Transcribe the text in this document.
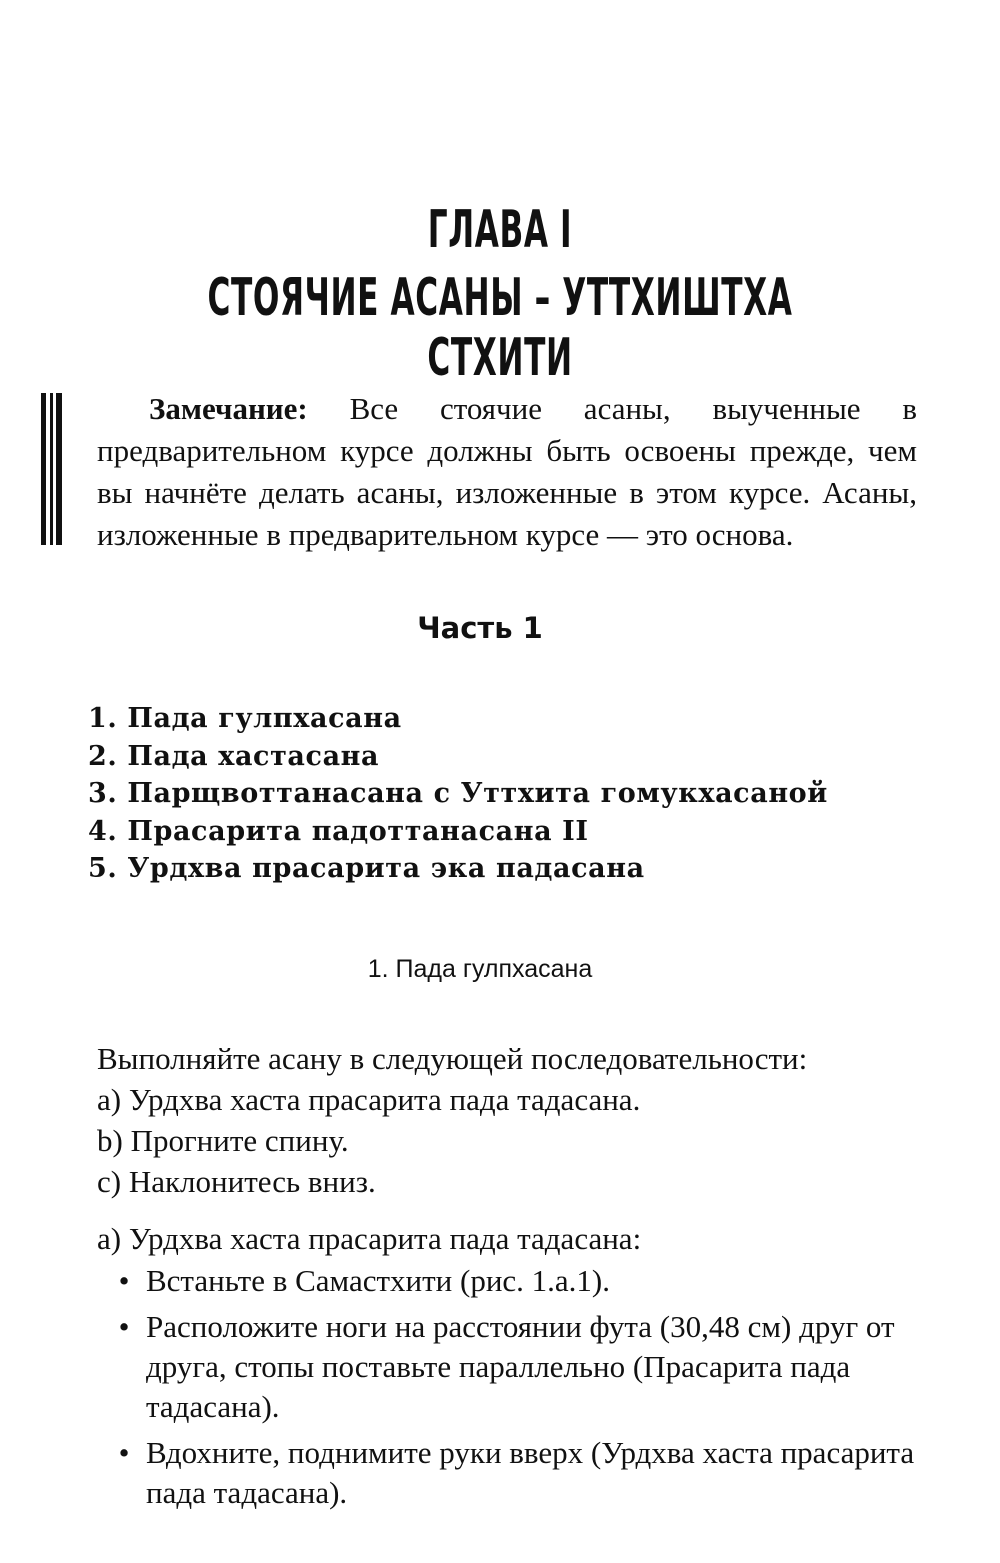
ГЛАВА I
СТОЯЧИЕ АСАНЫ – УТТХИШТХА СТХИТИ
Замечание: Все стоячие асаны, выученные в предварительном курсе должны быть освоены прежде, чем вы начнёте делать асаны, изложенные в этом курсе. Асаны, изложенные в предварительном курсе — это основа.
Часть 1
1. Пада гулпхасана
2. Пада хастасана
3. Парщвоттанасана с Уттхита гомукхасаной
4. Прасарита падоттанасана II
5. Урдхва прасарита эка падасана
1. Пада гулпхасана
Выполняйте асану в следующей последовательности:
a) Урдхва хаста прасарита пада тадасана.
b) Прогните спину.
c) Наклонитесь вниз.
a) Урдхва хаста прасарита пада тадасана:
• Встаньте в Самастхити (рис. 1.a.1).
• Расположите ноги на расстоянии фута (30,48 см) друг от друга, стопы поставьте параллельно (Прасарита пада тадасана).
• Вдохните, поднимите руки вверх (Урдхва хаста прасарита пада тадасана).
